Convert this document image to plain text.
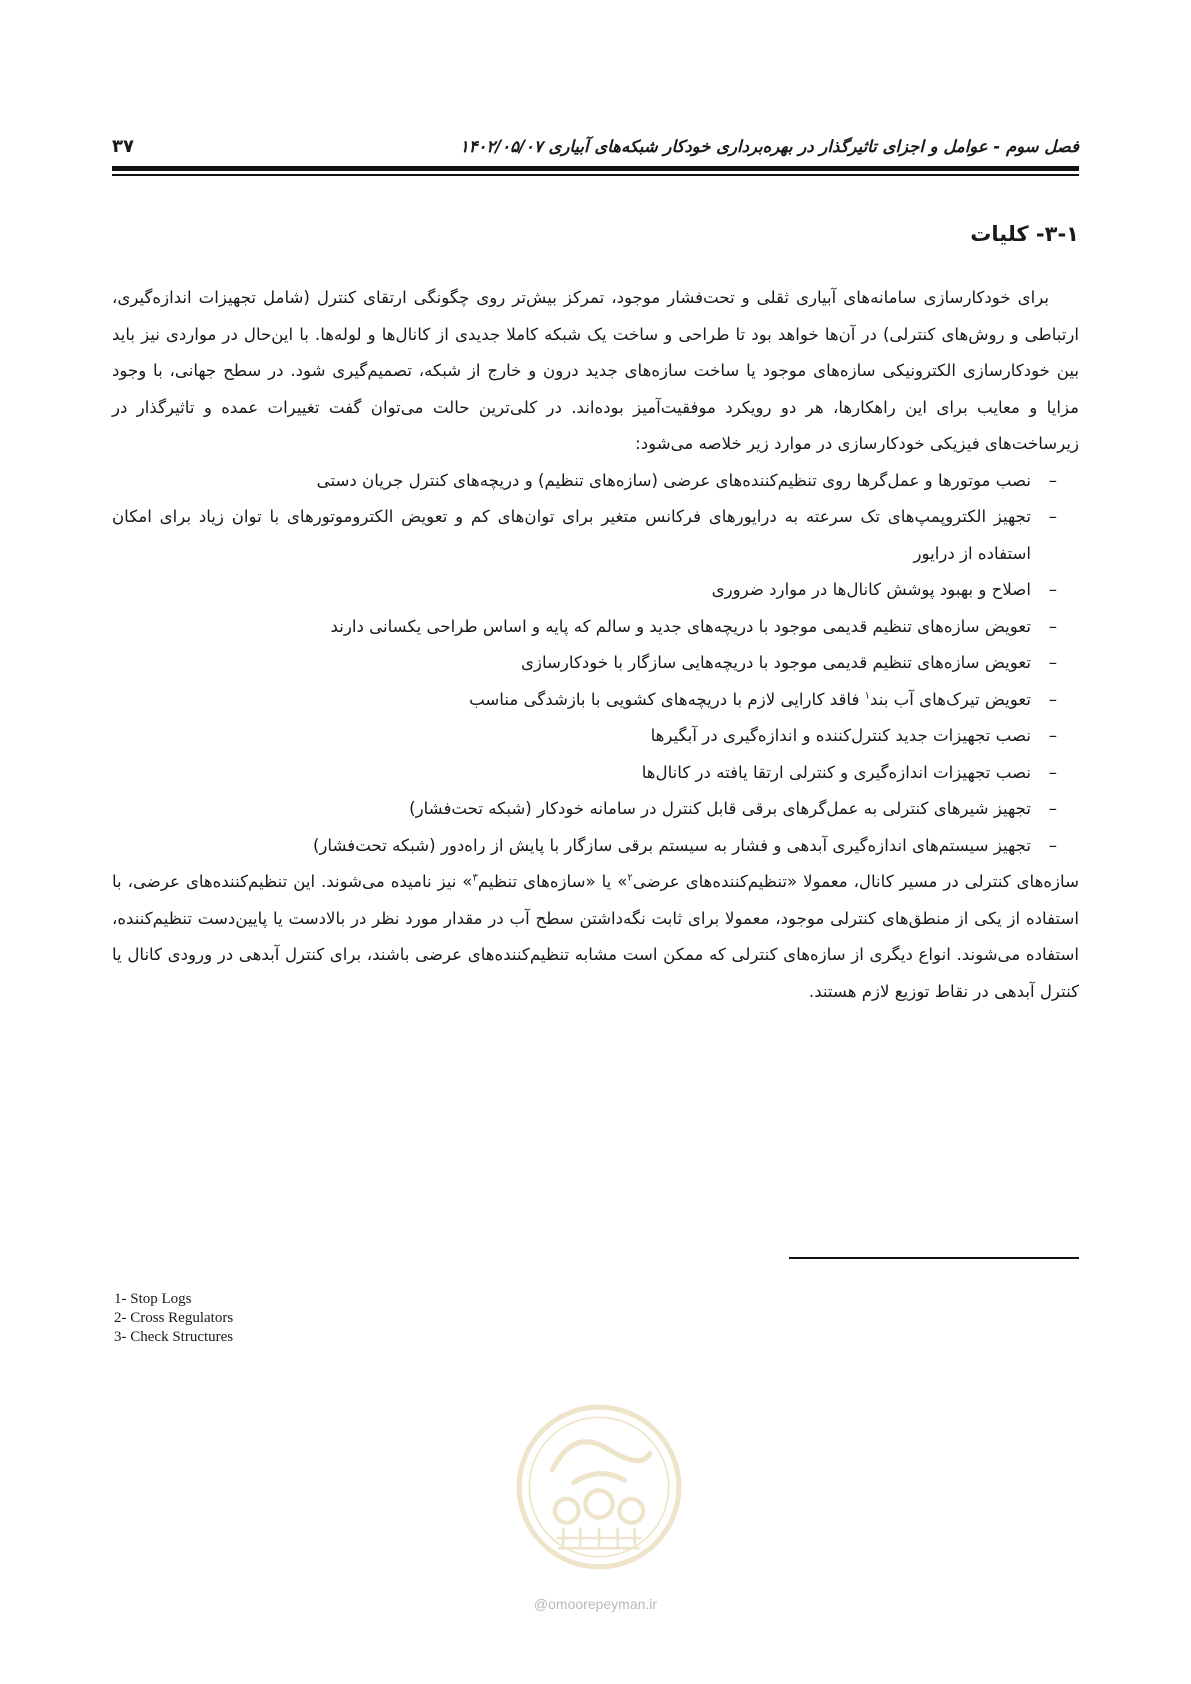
فصل سوم - عوامل و اجزای تاثیرگذار در بهره‌برداری خودکار شبکه‌های آبیاری ۱۴۰۲/۰۵/۰۷
۳۷
۳-۱- کلیات

برای خودکارسازی سامانه‌های آبیاری ثقلی و تحت‌فشار موجود، تمرکز بیش‌تر روی چگونگی ارتقای کنترل (شامل تجهیزات اندازه‌گیری، ارتباطی و روش‌های کنترلی) در آن‌ها خواهد بود تا طراحی و ساخت یک شبکه کاملا جدیدی از کانال‌ها و لوله‌ها. با این‌حال در مواردی نیز باید بین خودکارسازی الکترونیکی سازه‌های موجود یا ساخت سازه‌های جدید درون و خارج از شبکه، تصمیم‌گیری شود. در سطح جهانی، با وجود مزایا و معایب برای این راهکارها، هر دو رویکرد موفقیت‌آمیز بوده‌اند. در کلی‌ترین حالت می‌توان گفت تغییرات عمده و تاثیرگذار در زیرساخت‌های فیزیکی خودکارسازی در موارد زیر خلاصه می‌شود:

–
نصب موتورها و عمل‌گرها روی تنظیم‌کننده‌های عرضی (سازه‌های تنظیم) و دریچه‌های کنترل جریان دستی
–
تجهیز الکتروپمپ‌های تک سرعته به درایورهای فرکانس متغیر برای توان‌های کم و تعویض الکتروموتورهای با توان زیاد برای امکان استفاده از درایور
–
اصلاح و بهبود پوشش کانال‌ها در موارد ضروری
–
تعویض سازه‌های تنظیم قدیمی موجود با دریچه‌های جدید و سالم که پایه و اساس طراحی یکسانی دارند
–
تعویض سازه‌های تنظیم قدیمی موجود با دریچه‌هایی سازگار با خودکارسازی
–
تعویض تیرک‌های آب بند$^۱$ فاقد کارایی لازم با دریچه‌های کشویی با بازشدگی مناسب
–
نصب تجهیزات جدید کنترل‌کننده و اندازه‌گیری در آبگیرها
–
نصب تجهیزات اندازه‌گیری و کنترلی ارتقا یافته در کانال‌ها
–
تجهیز شیرهای کنترلی به عمل‌گرهای برقی قابل کنترل در سامانه خودکار (شبکه تحت‌فشار)
–
تجهیز سیستم‌های اندازه‌گیری آبدهی و فشار به سیستم برقی سازگار با پایش از راه‌دور (شبکه تحت‌فشار)

سازه‌های کنترلی در مسیر کانال، معمولا «تنظیم‌کننده‌های عرضی$^۲$» یا «سازه‌های تنظیم$^۳$» نیز نامیده می‌شوند. این تنظیم‌کننده‌های عرضی، با استفاده از یکی از منطق‌های کنترلی موجود، معمولا برای ثابت نگه‌داشتن سطح آب در مقدار مورد نظر در بالادست یا پایین‌دست تنظیم‌کننده، استفاده می‌شوند. انواع دیگری از سازه‌های کنترلی که ممکن است مشابه تنظیم‌کننده‌های عرضی باشند، برای کنترل آبدهی در ورودی کانال یا کنترل آبدهی در نقاط توزیع لازم هستند.

1- Stop Logs
2- Cross Regulators
3- Check Structures
@omoorepeyman.ir
